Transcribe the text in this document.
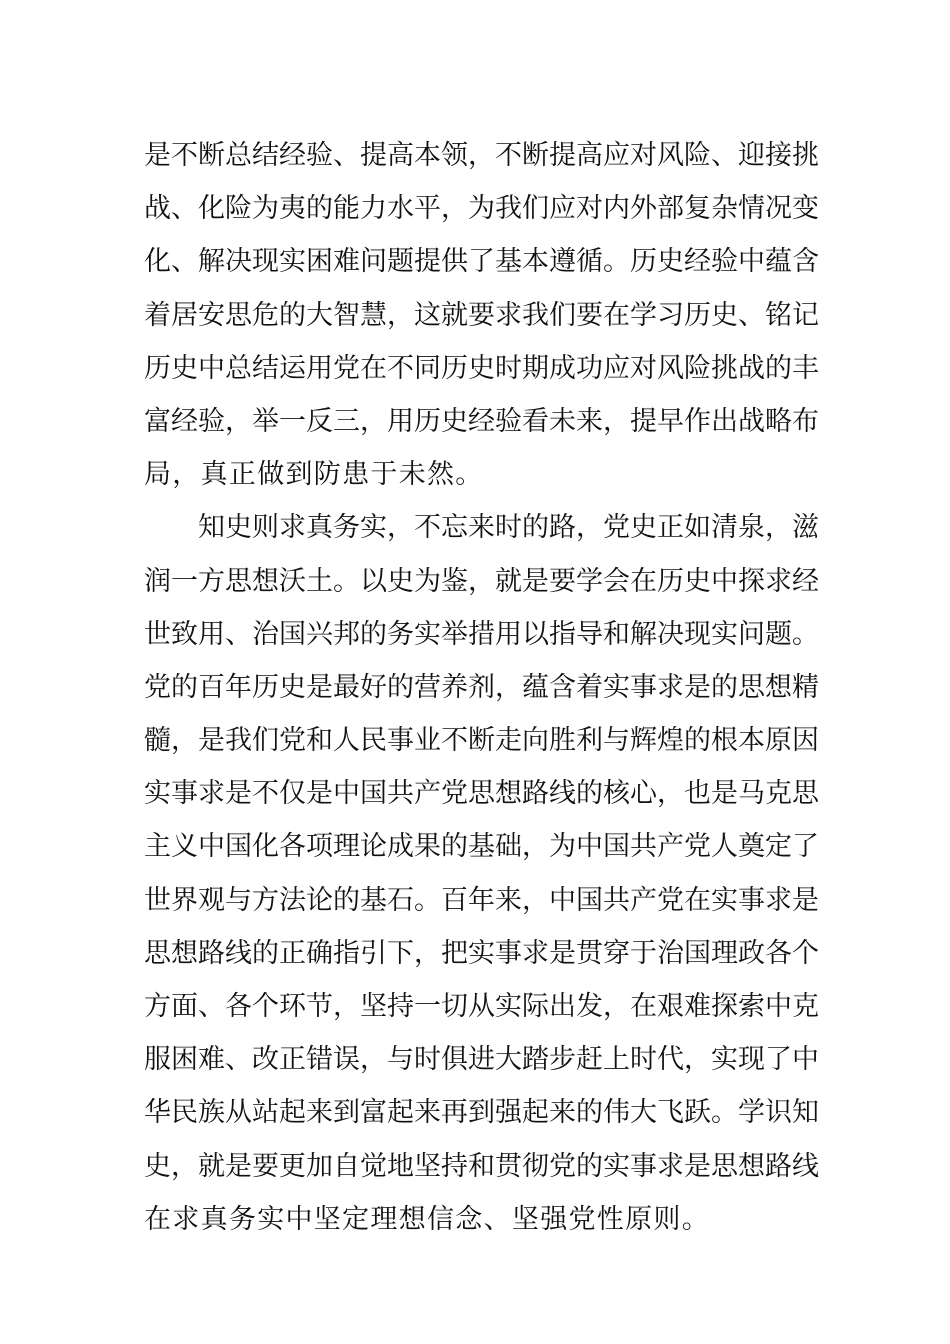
是不断总结经验、提高本领，不断提高应对风险、迎接挑
战、化险为夷的能力水平，为我们应对内外部复杂情况变
化、解决现实困难问题提供了基本遵循。历史经验中蕴含
着居安思危的大智慧，这就要求我们要在学习历史、铭记
历史中总结运用党在不同历史时期成功应对风险挑战的丰
富经验，举一反三，用历史经验看未来，提早作出战略布
局，真正做到防患于未然。
知史则求真务实，不忘来时的路，党史正如清泉，滋
润一方思想沃土。以史为鉴，就是要学会在历史中探求经
世致用、治国兴邦的务实举措用以指导和解决现实问题。
党的百年历史是最好的营养剂，蕴含着实事求是的思想精
髓，是我们党和人民事业不断走向胜利与辉煌的根本原因
实事求是不仅是中国共产党思想路线的核心，也是马克思
主义中国化各项理论成果的基础，为中国共产党人奠定了
世界观与方法论的基石。百年来，中国共产党在实事求是
思想路线的正确指引下，把实事求是贯穿于治国理政各个
方面、各个环节，坚持一切从实际出发，在艰难探索中克
服困难、改正错误，与时俱进大踏步赶上时代，实现了中
华民族从站起来到富起来再到强起来的伟大飞跃。学识知
史，就是要更加自觉地坚持和贯彻党的实事求是思想路线
在求真务实中坚定理想信念、坚强党性原则。
